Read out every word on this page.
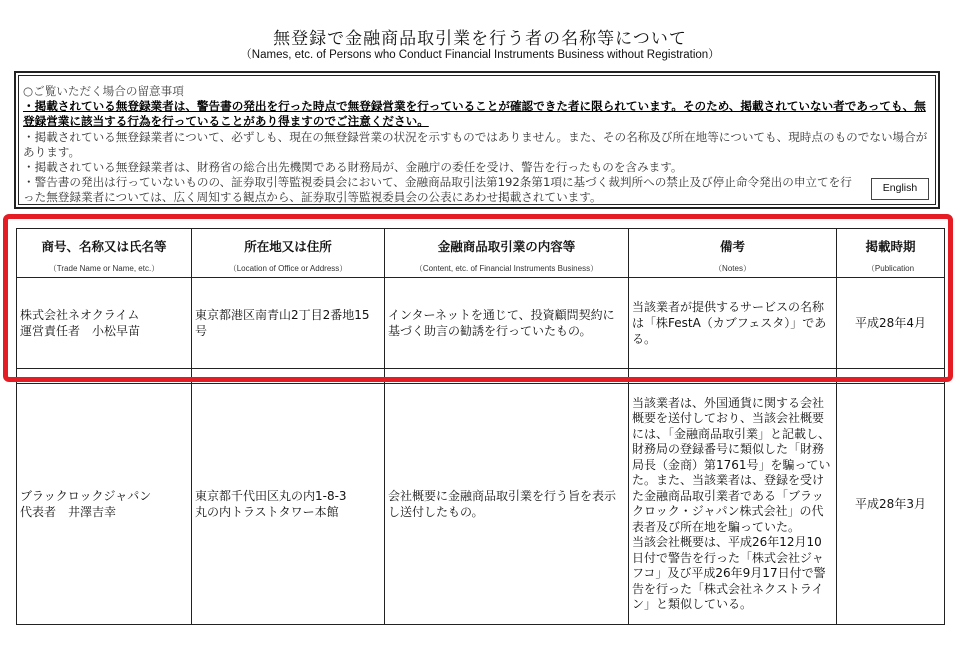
無登録で金融商品取引業を行う者の名称等について
（Names, etc. of Persons who Conduct Financial Instruments Business without Registration）

○ご覧いただく場合の留意事項

・掲載されている無登録業者は、警告書の発出を行った時点で無登録営業を行っていることが確認できた者に限られています。そのため、掲載されていない者であっても、無登録営業に該当する行為を行っていることがあり得ますのでご注意ください。

・掲載されている無登録業者について、必ずしも、現在の無登録営業の状況を示すものではありません。また、その名称及び所在地等についても、現時点のものでない場合があります。

・掲載されている無登録業者は、財務省の総合出先機関である財務局が、金融庁の委任を受け、警告を行ったものを含みます。

・警告書の発出は行っていないものの、証券取引等監視委員会において、金融商品取引法第192条第1項に基づく裁判所への禁止及び停止命令発出の申立てを行った無登録業者については、広く周知する観点から、証券取引等監視委員会の公表にあわせ掲載されています。

English
商号、名称又は氏名等
（Trade Name or Name, etc.）	所在地又は住所
（Location of Office or Address）	金融商品取引業の内容等
（Content, etc. of Financial Instruments Business）	備考
（Notes）	掲載時期
（Publication

株式会社ネオクライム
運営責任者　小松早苗	東京都港区南青山2丁目2番地15号	インターネットを通じて、投資顧問契約に基づく助言の勧誘を行っていたもの。	当該業者が提供するサービスの名称は「株FestA（カブフェスタ）」である。	平成28年4月

ブラックロックジャパン
代表者　井澤吉幸	東京都千代田区丸の内1-8-3
丸の内トラストタワー本館	会社概要に金融商品取引業を行う旨を表示し送付したもの。	当該業者は、外国通貨に関する会社概要を送付しており、当該会社概要には、「金融商品取引業」と記載し、財務局の登録番号に類似した「財務局長（金商）第1761号」を騙っていた。また、当該業者は、登録を受けた金融商品取引業者である「ブラックロック・ジャパン株式会社」の代表者及び所在地を騙っていた。
当該会社概要は、平成26年12月10日付で警告を行った「株式会社ジャフコ」及び平成26年9月17日付で警告を行った「株式会社ネクストライン」と類似している。	平成28年3月
